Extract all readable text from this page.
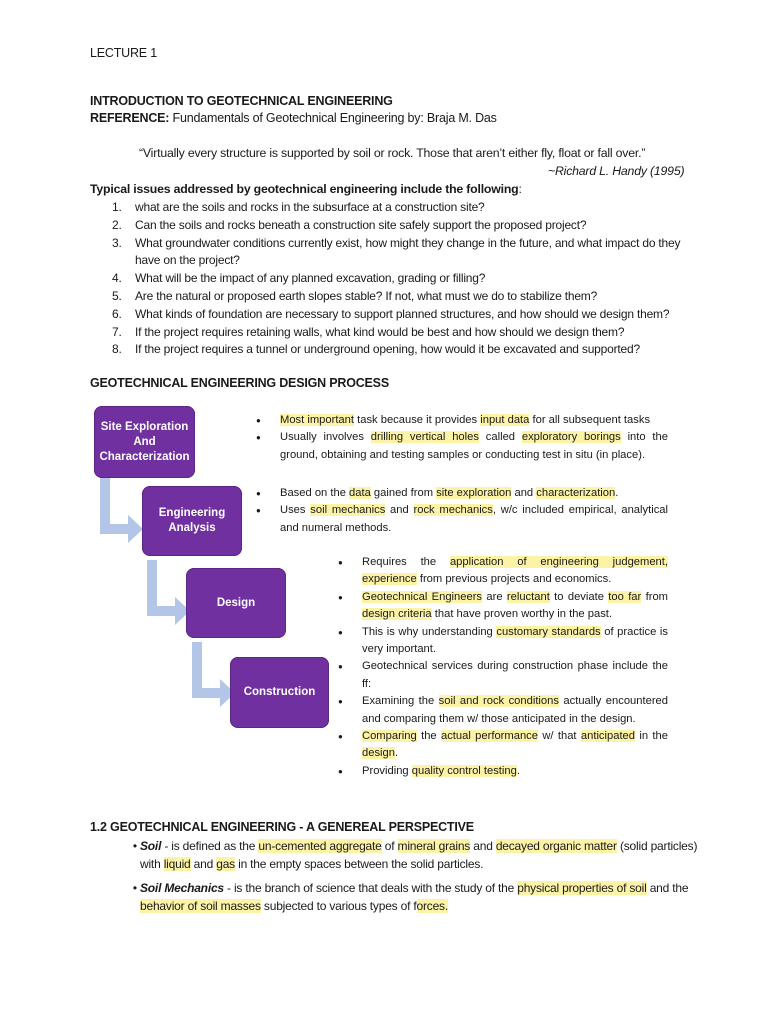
LECTURE 1
INTRODUCTION TO GEOTECHNICAL ENGINEERING
REFERENCE: Fundamentals of Geotechnical Engineering by: Braja M. Das
“Virtually every structure is supported by soil or rock. Those that aren’t either fly, float or fall over.”
~Richard L. Handy (1995)
Typical issues addressed by geotechnical engineering include the following:
1. what are the soils and rocks in the subsurface at a construction site?
2. Can the soils and rocks beneath a construction site safely support the proposed project?
3. What groundwater conditions currently exist, how might they change in the future, and what impact do they have on the project?
4. What will be the impact of any planned excavation, grading or filling?
5. Are the natural or proposed earth slopes stable? If not, what must we do to stabilize them?
6. What kinds of foundation are necessary to support planned structures, and how should we design them?
7. If the project requires retaining walls, what kind would be best and how should we design them?
8. If the project requires a tunnel or underground opening, how would it be excavated and supported?
GEOTECHNICAL ENGINEERING DESIGN PROCESS
Site Exploration
And
Characterization
Engineering
Analysis
Design
Construction
● Most important task because it provides input data for all subsequent tasks
● Usually involves drilling vertical holes called exploratory borings into the ground, obtaining and testing samples or conducting test in situ (in place).
● Based on the data gained from site exploration and characterization.
● Uses soil mechanics and rock mechanics, w/c included empirical, analytical and numeral methods.
● Requires the application of engineering judgement, experience from previous projects and economics.
● Geotechnical Engineers are reluctant to deviate too far from design criteria that have proven worthy in the past.
● This is why understanding customary standards of practice is very important.
● Geotechnical services during construction phase include the ff:
● Examining the soil and rock conditions actually encountered and comparing them w/ those anticipated in the design.
● Comparing the actual performance w/ that anticipated in the design.
● Providing quality control testing.
1.2 GEOTECHNICAL ENGINEERING - A GENEREAL PERSPECTIVE
• Soil - is defined as the un-cemented aggregate of mineral grains and decayed organic matter (solid particles) with liquid and gas in the empty spaces between the solid particles.
• Soil Mechanics - is the branch of science that deals with the study of the physical properties of soil and the behavior of soil masses subjected to various types of forces.
